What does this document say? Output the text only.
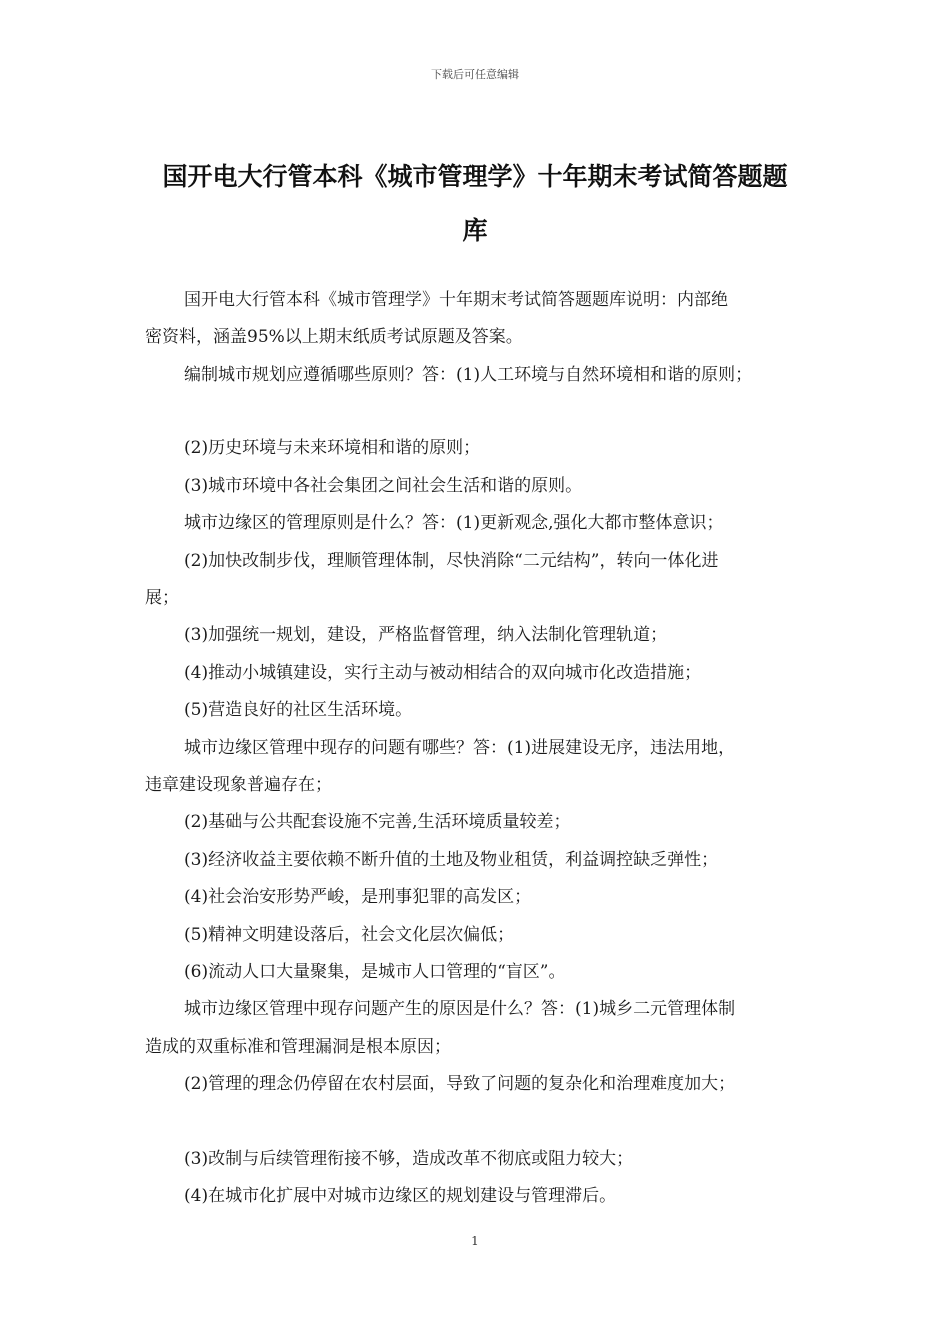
下载后可任意编辑
国开电大行管本科《城市管理学》十年期末考试简答题题
库
国开电大行管本科《城市管理学》十年期末考试简答题题库说明：内部绝
密资料，涵盖95%以上期末纸质考试原题及答案。
编制城市规划应遵循哪些原则？答：(1)人工环境与自然环境相和谐的原则；
(2)历史环境与未来环境相和谐的原则；
(3)城市环境中各社会集团之间社会生活和谐的原则。
城市边缘区的管理原则是什么？答：(1)更新观念,强化大都市整体意识；
(2)加快改制步伐，理顺管理体制，尽快消除“二元结构”，转向一体化进
展；
(3)加强统一规划，建设，严格监督管理，纳入法制化管理轨道；
(4)推动小城镇建设，实行主动与被动相结合的双向城市化改造措施；
(5)营造良好的社区生活环境。
城市边缘区管理中现存的问题有哪些？答：(1)进展建设无序，违法用地，
违章建设现象普遍存在；
(2)基础与公共配套设施不完善,生活环境质量较差；
(3)经济收益主要依赖不断升值的土地及物业租赁，利益调控缺乏弹性；
(4)社会治安形势严峻，是刑事犯罪的高发区；
(5)精神文明建设落后，社会文化层次偏低；
(6)流动人口大量聚集，是城市人口管理的“盲区”。
城市边缘区管理中现存问题产生的原因是什么？答：(1)城乡二元管理体制
造成的双重标准和管理漏洞是根本原因；
(2)管理的理念仍停留在农村层面，导致了问题的复杂化和治理难度加大；
(3)改制与后续管理衔接不够，造成改革不彻底或阻力较大；
(4)在城市化扩展中对城市边缘区的规划建设与管理滞后。
1
